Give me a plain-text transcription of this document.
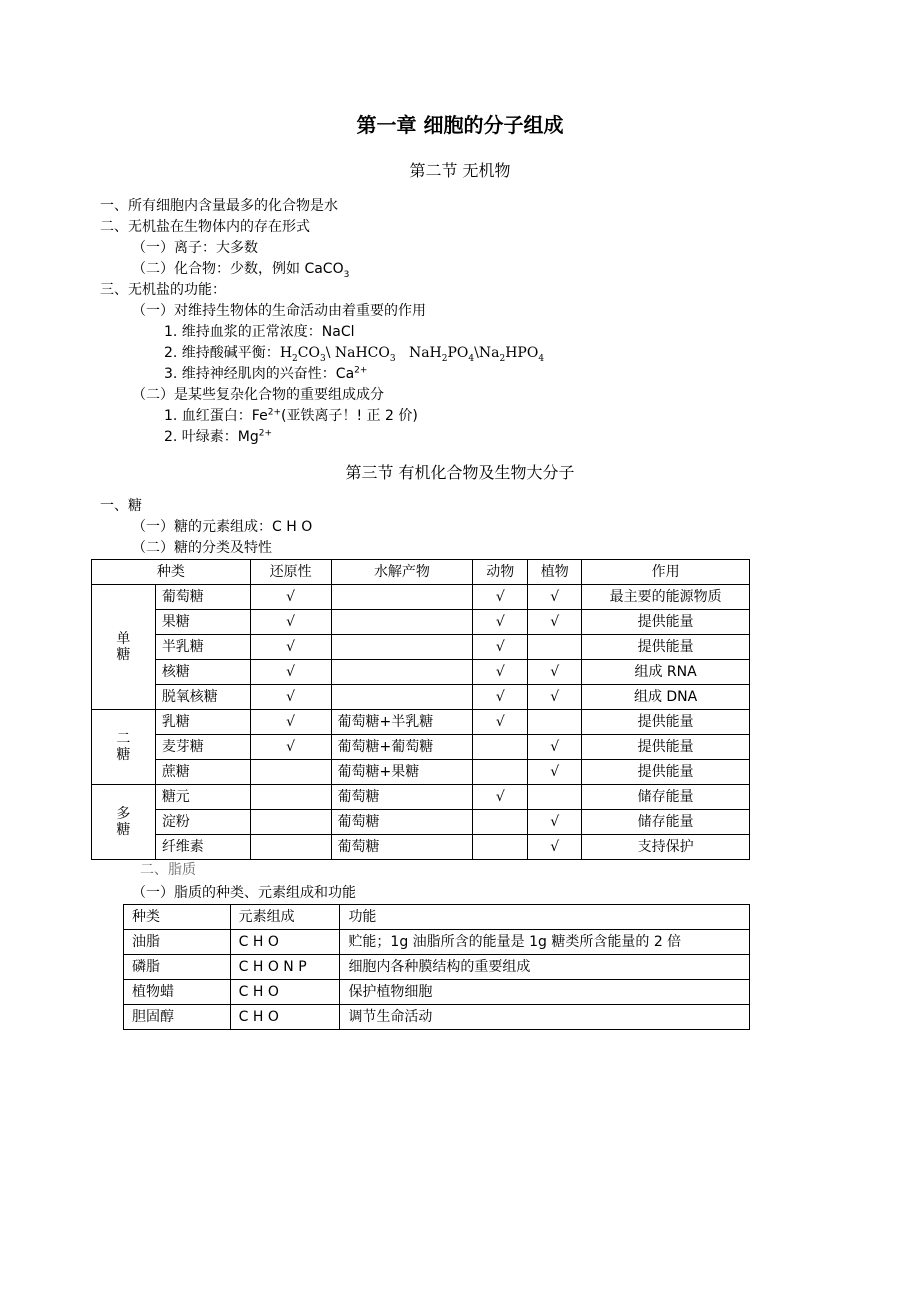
第一章 细胞的分子组成
第二节 无机物
一、所有细胞内含量最多的化合物是水
二、无机盐在生物体内的存在形式
（一）离子：大多数
（二）化合物：少数，例如 CaCO$_3$
三、无机盐的功能：
（一）对维持生物体的生命活动由着重要的作用
1. 维持血浆的正常浓度：NaCl
2. 维持酸碱平衡：$H_2CO_3\backslash$ NaHCO$_3$   $NaH_2PO_4\backslash Na_2HPO_4$
3. 维持神经肌肉的兴奋性：$Ca^{2+}$
（二）是某些复杂化合物的重要组成成分
1. 血红蛋白：$Fe^{2+}$(亚铁离子！! 正 2 价)
2. 叶绿素：$Mg^{2+}$
第三节 有机化合物及生物大分子
一、糖
（一）糖的元素组成：C H O
（二）糖的分类及特性
种类		还原性	水解产物	动物	植物	作用

单糖	葡萄糖	√		√	√	最主要的能源物质
	果糖	√		√	√	提供能量
	半乳糖	√		√		提供能量
	核糖	√		√	√	组成 RNA
	脱氧核糖	√		√	√	组成 DNA

二糖	乳糖	√	葡萄糖+半乳糖	√		提供能量
	麦芽糖	√	葡萄糖+葡萄糖		√	提供能量
	蔗糖		葡萄糖+果糖		√	提供能量

多糖	糖元		葡萄糖	√		储存能量
	淀粉		葡萄糖		√	储存能量
	纤维素		葡萄糖		√	支持保护
二、脂质
（一）脂质的种类、元素组成和功能
种类	元素组成	功能
油脂	C H O	贮能；1g 油脂所含的能量是 1g 糖类所含能量的 2 倍
磷脂	C H O N P	细胞内各种膜结构的重要组成
植物蜡	C H O	保护植物细胞
胆固醇	C H O	调节生命活动
